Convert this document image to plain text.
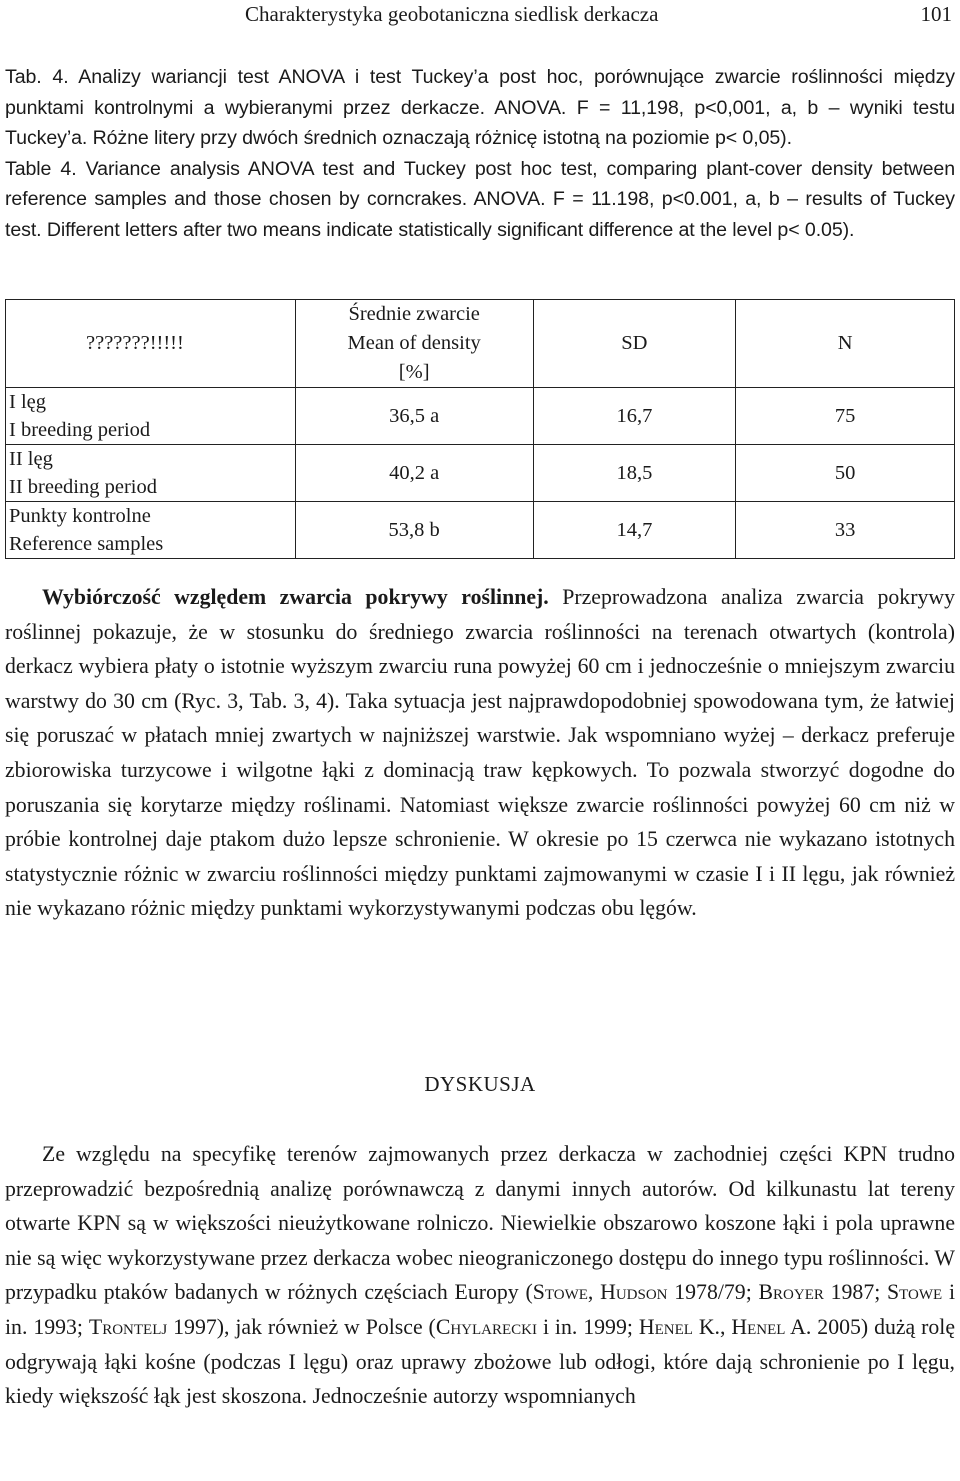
Charakterystyka geobotaniczna siedlisk derkacza	101

Tab. 4. Analizy wariancji test ANOVA i test Tuckey’a post hoc, porównujące zwarcie roślinności między punktami kontrolnymi a wybieranymi przez derkacze. ANOVA. F = 11,198, p<0,001, a, b – wyniki testu Tuckey’a. Różne litery przy dwóch średnich oznaczają różnicę istotną na poziomie p< 0,05).

Table 4. Variance analysis ANOVA test and Tuckey post hoc test, comparing plant-cover density between reference samples and those chosen by corncrakes. ANOVA. F = 11.198, p<0.001, a, b – results of Tuckey test. Different letters after two means indicate statistically significant difference at the level p< 0.05).

???????!!!!!	Średnie zwarcie
Mean of density
[%]	SD	N
I lęg
I breeding period	36,5 a	16,7	75
II lęg
II breeding period	40,2 a	18,5	50
Punkty kontrolne
Reference samples	53,8 b	14,7	33

Wybiórczość względem zwarcia pokrywy roślinnej. Przeprowadzona analiza zwarcia pokrywy roślinnej pokazuje, że w stosunku do średniego zwarcia roślinności na terenach otwartych (kontrola) derkacz wybiera płaty o istotnie wyższym zwarciu runa powyżej 60 cm i jednocześnie o mniejszym zwarciu warstwy do 30 cm (Ryc. 3, Tab. 3, 4). Taka sytuacja jest najprawdopodobniej spowodowana tym, że łatwiej się poruszać w płatach mniej zwartych w najniższej warstwie. Jak wspomniano wyżej – derkacz preferuje zbiorowiska turzycowe i wilgotne łąki z dominacją traw kępkowych. To pozwala stworzyć dogodne do poruszania się korytarze między roślinami. Natomiast większe zwarcie roślinności powyżej 60 cm niż w próbie kontrolnej daje ptakom dużo lepsze schronienie. W okresie po 15 czerwca nie wykazano istotnych statystycznie różnic w zwarciu roślinności między punktami zajmowanymi w czasie I i II lęgu, jak również nie wykazano różnic między punktami wykorzystywanymi podczas obu lęgów.

DYSKUSJA

Ze względu na specyfikę terenów zajmowanych przez derkacza w zachodniej części KPN trudno przeprowadzić bezpośrednią analizę porównawczą z danymi innych autorów. Od kilkunastu lat tereny otwarte KPN są w większości nieużytkowane rolniczo. Niewielkie obszarowo koszone łąki i pola uprawne nie są więc wykorzystywane przez derkacza wobec nieograniczonego dostępu do innego typu roślinności. W przypadku ptaków badanych w różnych częściach Europy (Stowe, Hudson 1978/79; Broyer 1987; Stowe i in. 1993; Trontelj 1997), jak również w Polsce (Chylarecki i in. 1999; Henel K., Henel A. 2005) dużą rolę odgrywają łąki kośne (podczas I lęgu) oraz uprawy zbożowe lub odłogi, które dają schronienie po I lęgu, kiedy większość łąk jest skoszona. Jednocześnie autorzy wspomnianych
